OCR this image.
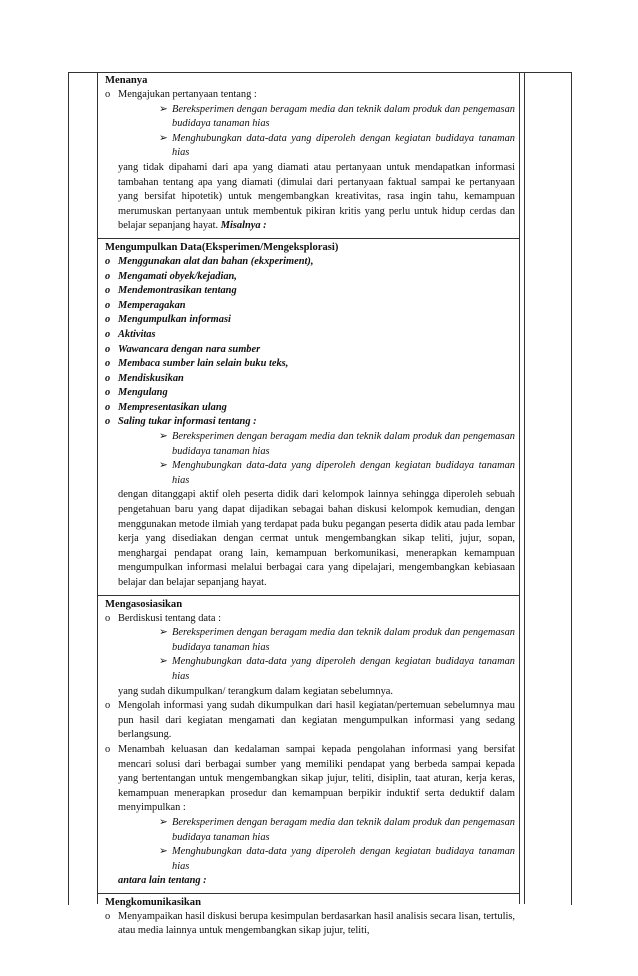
Menanya
o Mengajukan pertanyaan tentang :
➢ Bereksperimen dengan beragam media dan teknik dalam produk dan pengemasan budidaya tanaman hias
➢ Menghubungkan data-data yang diperoleh dengan kegiatan budidaya tanaman hias
yang tidak dipahami dari apa yang diamati atau pertanyaan untuk mendapatkan informasi tambahan tentang apa yang diamati (dimulai dari pertanyaan faktual sampai ke pertanyaan yang bersifat hipotetik) untuk mengembangkan kreativitas, rasa ingin tahu, kemampuan merumuskan pertanyaan untuk membentuk pikiran kritis yang perlu untuk hidup cerdas dan belajar sepanjang hayat. Misalnya :
Mengumpulkan Data(Eksperimen/Mengeksplorasi)
o Menggunakan alat dan bahan (ekxperiment),
o Mengamati obyek/kejadian,
o Mendemontrasikan tentang
o Memperagakan
o Mengumpulkan informasi
o Aktivitas
o Wawancara dengan nara sumber
o Membaca sumber lain selain buku teks,
o Mendiskusikan
o Mengulang
o Mempresentasikan ulang
o Saling tukar informasi tentang :
➢ Bereksperimen dengan beragam media dan teknik dalam produk dan pengemasan budidaya tanaman hias
➢ Menghubungkan data-data yang diperoleh dengan kegiatan budidaya tanaman hias
dengan ditanggapi aktif oleh peserta didik dari kelompok lainnya sehingga diperoleh sebuah pengetahuan baru yang dapat dijadikan sebagai bahan diskusi kelompok kemudian, dengan menggunakan metode ilmiah yang terdapat pada buku pegangan peserta didik atau pada lembar kerja yang disediakan dengan cermat untuk mengembangkan sikap teliti, jujur, sopan, menghargai pendapat orang lain, kemampuan berkomunikasi, menerapkan kemampuan mengumpulkan informasi melalui berbagai cara yang dipelajari, mengembangkan kebiasaan belajar dan belajar sepanjang hayat.
Mengasosiasikan
o Berdiskusi tentang data :
➢ Bereksperimen dengan beragam media dan teknik dalam produk dan pengemasan budidaya tanaman hias
➢ Menghubungkan data-data yang diperoleh dengan kegiatan budidaya tanaman hias
yang sudah dikumpulkan/ terangkum dalam kegiatan sebelumnya.
o Mengolah informasi yang sudah dikumpulkan dari hasil kegiatan/pertemuan sebelumnya mau pun hasil dari kegiatan mengamati dan kegiatan mengumpulkan informasi yang sedang berlangsung.
o Menambah keluasan dan kedalaman sampai kepada pengolahan informasi yang bersifat mencari solusi dari berbagai sumber yang memiliki pendapat yang berbeda sampai kepada yang bertentangan untuk mengembangkan sikap jujur, teliti, disiplin, taat aturan, kerja keras, kemampuan menerapkan prosedur dan kemampuan berpikir induktif serta deduktif dalam menyimpulkan :
➢ Bereksperimen dengan beragam media dan teknik dalam produk dan pengemasan budidaya tanaman hias
➢ Menghubungkan data-data yang diperoleh dengan kegiatan budidaya tanaman hias
antara lain tentang :
Mengkomunikasikan
o Menyampaikan hasil diskusi berupa kesimpulan berdasarkan hasil analisis secara lisan, tertulis, atau media lainnya untuk mengembangkan sikap jujur, teliti,
